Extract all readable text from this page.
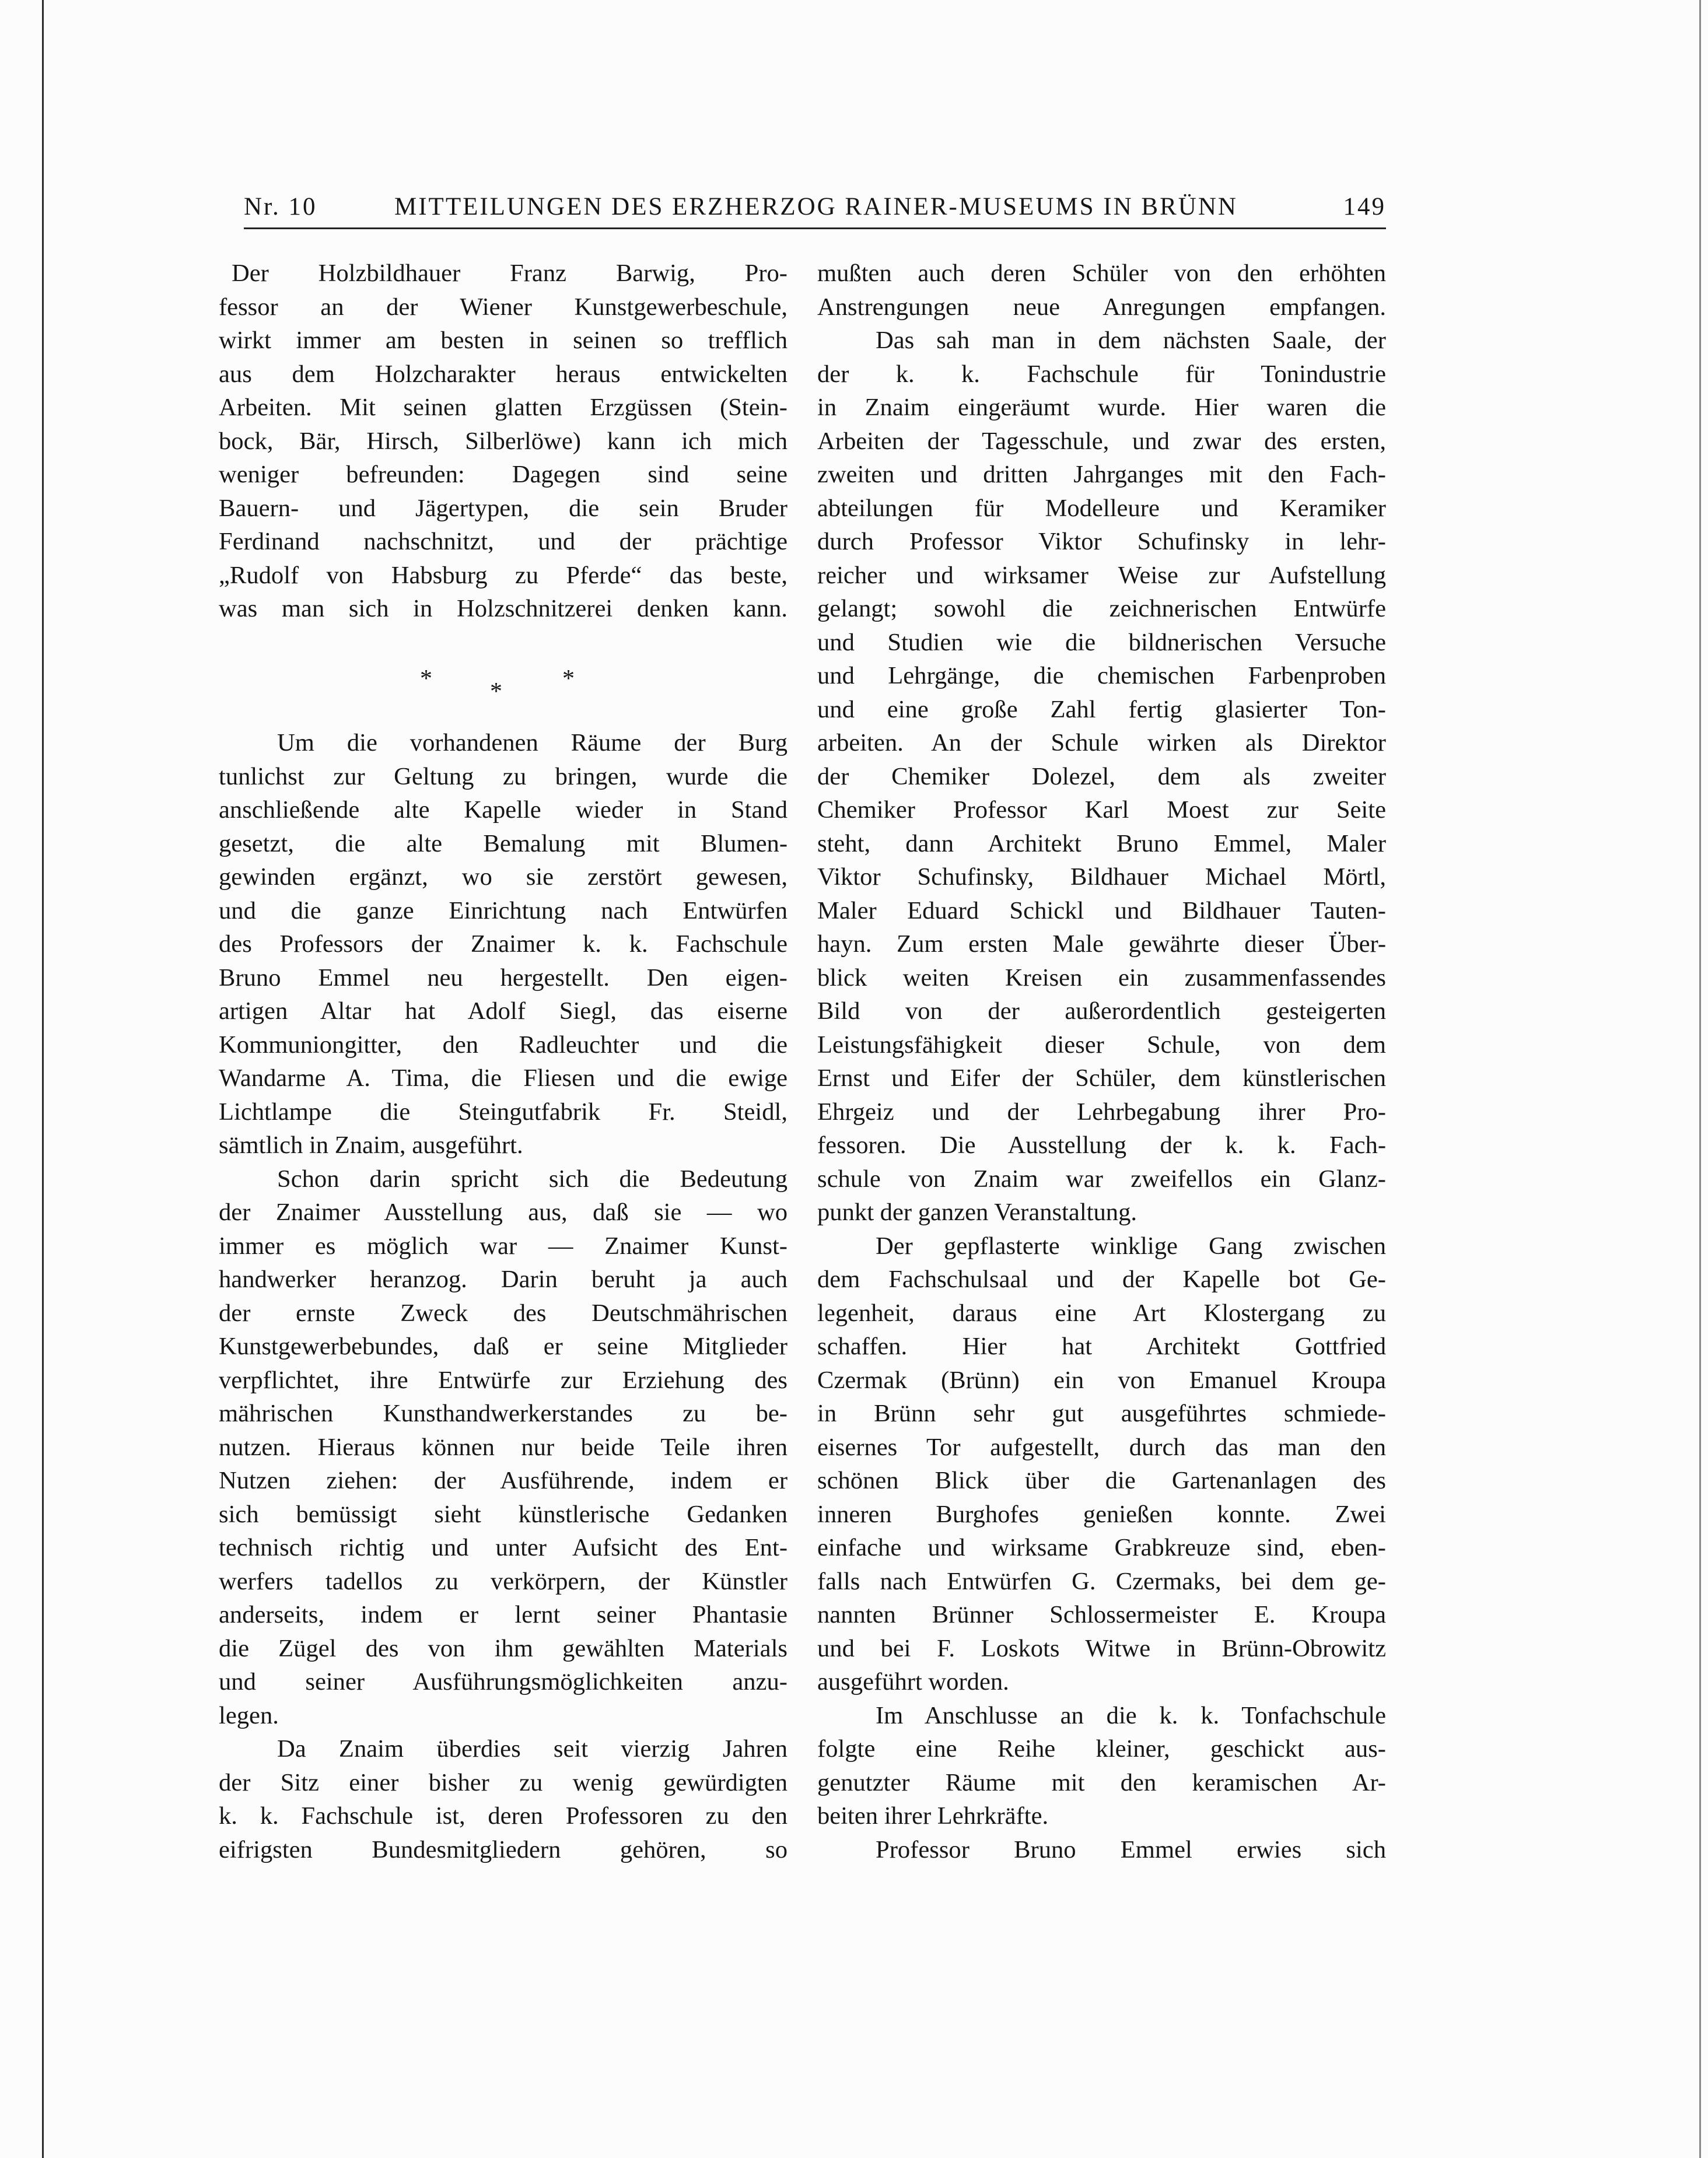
Nr. 10	MITTEILUNGEN DES ERZHERZOG RAINER-MUSEUMS IN BRÜNN	149
Der Holzbildhauer Franz Barwig, Pro-
fessor an der Wiener Kunstgewerbeschule,
wirkt immer am besten in seinen so trefflich
aus dem Holzcharakter heraus entwickelten
Arbeiten. Mit seinen glatten Erzgüssen (Stein-
bock, Bär, Hirsch, Silberlöwe) kann ich mich
weniger befreunden: Dagegen sind seine
Bauern- und Jägertypen, die sein Bruder
Ferdinand nachschnitzt, und der prächtige
„Rudolf von Habsburg zu Pferde“ das beste,
was man sich in Holzschnitzerei denken kann.
Um die vorhandenen Räume der Burg
tunlichst zur Geltung zu bringen, wurde die
anschließende alte Kapelle wieder in Stand
gesetzt, die alte Bemalung mit Blumen-
gewinden ergänzt, wo sie zerstört gewesen,
und die ganze Einrichtung nach Entwürfen
des Professors der Znaimer k. k. Fachschule
Bruno Emmel neu hergestellt. Den eigen-
artigen Altar hat Adolf Siegl, das eiserne
Kommuniongitter, den Radleuchter und die
Wandarme A. Tima, die Fliesen und die ewige
Lichtlampe die Steingutfabrik Fr. Steidl,
sämtlich in Znaim, ausgeführt.
Schon darin spricht sich die Bedeutung
der Znaimer Ausstellung aus, daß sie — wo
immer es möglich war — Znaimer Kunst-
handwerker heranzog. Darin beruht ja auch
der ernste Zweck des Deutschmährischen
Kunstgewerbebundes, daß er seine Mitglieder
verpflichtet, ihre Entwürfe zur Erziehung des
mährischen Kunsthandwerkerstandes zu be-
nutzen. Hieraus können nur beide Teile ihren
Nutzen ziehen: der Ausführende, indem er
sich bemüssigt sieht künstlerische Gedanken
technisch richtig und unter Aufsicht des Ent-
werfers tadellos zu verkörpern, der Künstler
anderseits, indem er lernt seiner Phantasie
die Zügel des von ihm gewählten Materials
und seiner Ausführungsmöglichkeiten anzu-
legen.
Da Znaim überdies seit vierzig Jahren
der Sitz einer bisher zu wenig gewürdigten
k. k. Fachschule ist, deren Professoren zu den
eifrigsten Bundesmitgliedern gehören, so
* * *
mußten auch deren Schüler von den erhöhten
Anstrengungen neue Anregungen empfangen.
Das sah man in dem nächsten Saale, der
der k. k. Fachschule für Tonindustrie
in Znaim eingeräumt wurde. Hier waren die
Arbeiten der Tagesschule, und zwar des ersten,
zweiten und dritten Jahrganges mit den Fach-
abteilungen für Modelleure und Keramiker
durch Professor Viktor Schufinsky in lehr-
reicher und wirksamer Weise zur Aufstellung
gelangt; sowohl die zeichnerischen Entwürfe
und Studien wie die bildnerischen Versuche
und Lehrgänge, die chemischen Farbenproben
und eine große Zahl fertig glasierter Ton-
arbeiten. An der Schule wirken als Direktor
der Chemiker Dolezel, dem als zweiter
Chemiker Professor Karl Moest zur Seite
steht, dann Architekt Bruno Emmel, Maler
Viktor Schufinsky, Bildhauer Michael Mörtl,
Maler Eduard Schickl und Bildhauer Tauten-
hayn. Zum ersten Male gewährte dieser Über-
blick weiten Kreisen ein zusammenfassendes
Bild von der außerordentlich gesteigerten
Leistungsfähigkeit dieser Schule, von dem
Ernst und Eifer der Schüler, dem künstlerischen
Ehrgeiz und der Lehrbegabung ihrer Pro-
fessoren. Die Ausstellung der k. k. Fach-
schule von Znaim war zweifellos ein Glanz-
punkt der ganzen Veranstaltung.
Der gepflasterte winklige Gang zwischen
dem Fachschulsaal und der Kapelle bot Ge-
legenheit, daraus eine Art Klostergang zu
schaffen. Hier hat Architekt Gottfried
Czermak (Brünn) ein von Emanuel Kroupa
in Brünn sehr gut ausgeführtes schmiede-
eisernes Tor aufgestellt, durch das man den
schönen Blick über die Gartenanlagen des
inneren Burghofes genießen konnte. Zwei
einfache und wirksame Grabkreuze sind, eben-
falls nach Entwürfen G. Czermaks, bei dem ge-
nannten Brünner Schlossermeister E. Kroupa
und bei F. Loskots Witwe in Brünn-Obrowitz
ausgeführt worden.
Im Anschlusse an die k. k. Tonfachschule
folgte eine Reihe kleiner, geschickt aus-
genutzter Räume mit den keramischen Ar-
beiten ihrer Lehrkräfte.
Professor Bruno Emmel erwies sich
